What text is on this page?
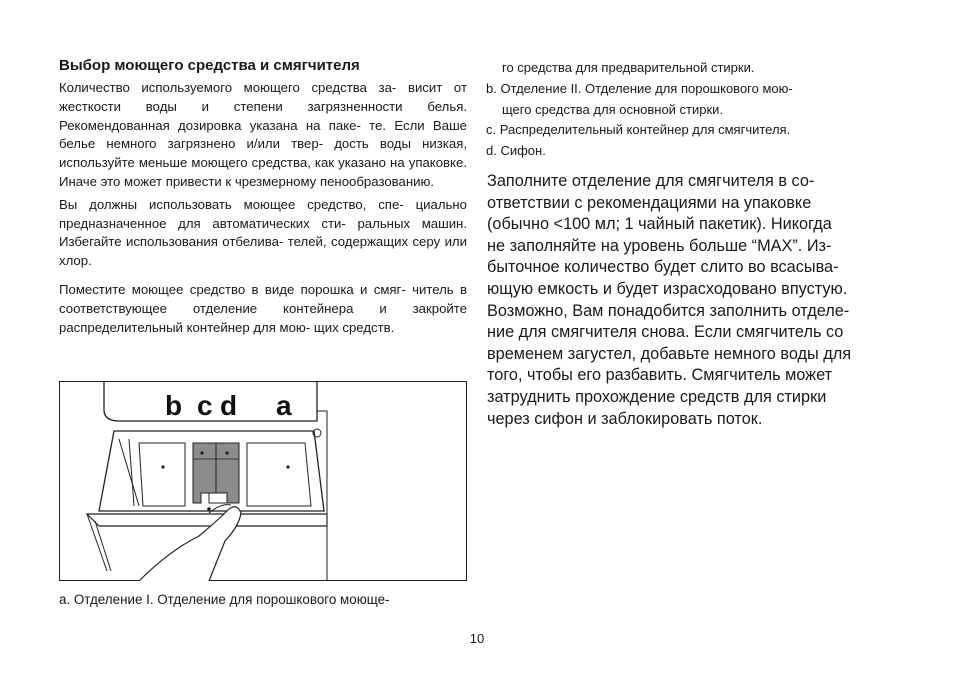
Выбор моющего средства и смягчителя

Количество используемого моющего средства за- висит от жесткости воды и степени загрязненности белья. Рекомендованная дозировка указана на паке- те. Если Ваше белье немного загрязнено и/или твер- дость воды низкая, используйте меньше моющего средства, как указано на упаковке. Иначе это может привести к чрезмерному пенообразованию.

Вы должны использовать моющее средство, спе- циально предназначенное для автоматических сти- ральных машин. Избегайте использования отбелива- телей, содержащих серу или хлор.

Поместите моющее средство в виде порошка и смяг- читель в соответствующее отделение контейнера и закройте распределительный контейнер для мою- щих средств.

b c d a
a. Отделение I. Отделение для порошкового моюще-
го средства для предварительной стирки.
b. Отделение II. Отделение для порошкового мою-
щего средства для основной стирки.
c. Распределительный контейнер для смягчителя.
d. Сифон.

Заполните отделение для смягчителя в со-

ответствии с рекомендациями на упаковке

(обычно <100 мл; 1 чайный пакетик). Никогда

не заполняйте на уровень больше “MAX”. Из-

быточное количество будет слито во всасыва-

ющую емкость и будет израсходовано впустую.

Возможно, Вам понадобится заполнить отделе-

ние для смягчителя снова. Если смягчитель со

временем загустел, добавьте немного воды для

того, чтобы его разбавить. Смягчитель может

затруднить прохождение средств для стирки

через сифон и заблокировать поток.

10
